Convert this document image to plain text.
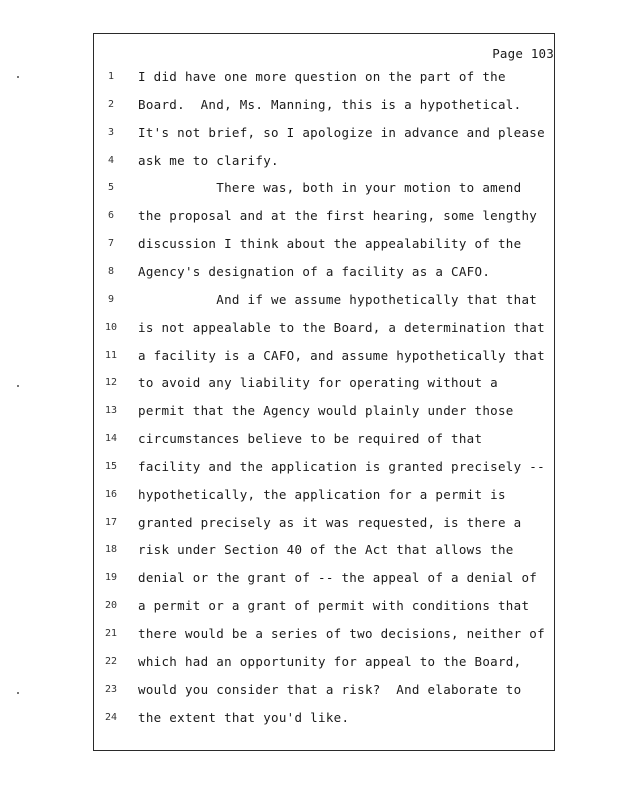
Page 103
1	I did have one more question on the part of the
2	Board.  And, Ms. Manning, this is a hypothetical.
3	It's not brief, so I apologize in advance and please
4	ask me to clarify.
5	There was, both in your motion to amend
6	the proposal and at the first hearing, some lengthy
7	discussion I think about the appealability of the
8	Agency's designation of a facility as a CAFO.
9	And if we assume hypothetically that that
10	is not appealable to the Board, a determination that
11	a facility is a CAFO, and assume hypothetically that
12	to avoid any liability for operating without a
13	permit that the Agency would plainly under those
14	circumstances believe to be required of that
15	facility and the application is granted precisely --
16	hypothetically, the application for a permit is
17	granted precisely as it was requested, is there a
18	risk under Section 40 of the Act that allows the
19	denial or the grant of -- the appeal of a denial of
20	a permit or a grant of permit with conditions that
21	there would be a series of two decisions, neither of
22	which had an opportunity for appeal to the Board,
23	would you consider that a risk?  And elaborate to
24	the extent that you'd like.
